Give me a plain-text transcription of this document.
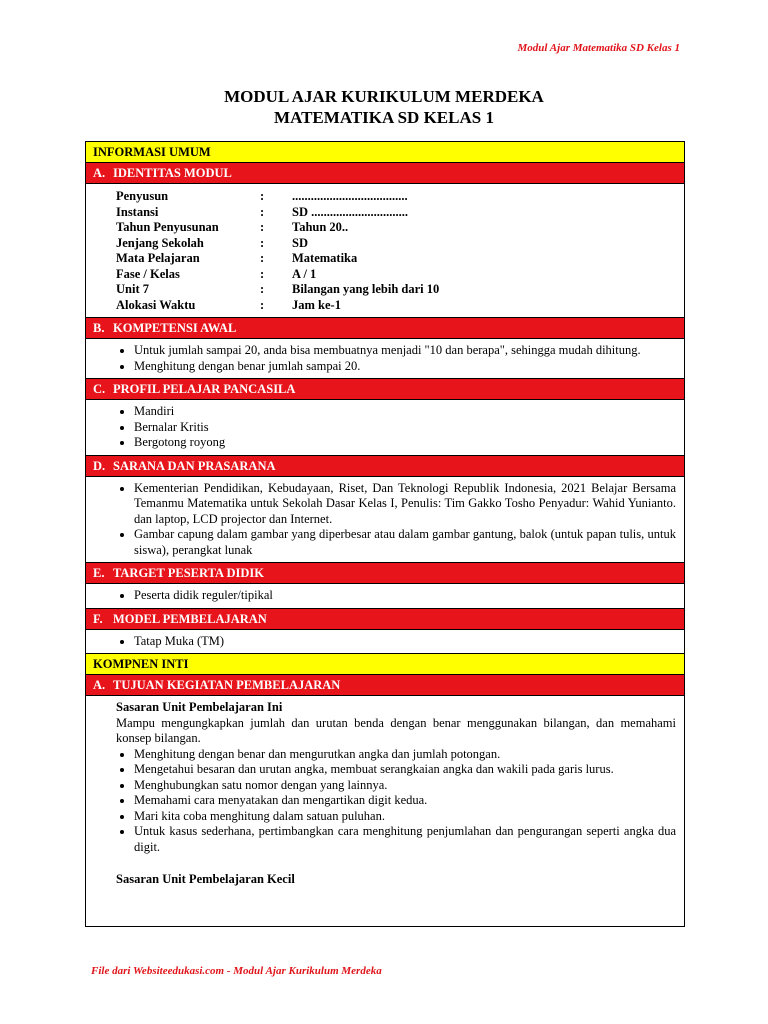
Modul Ajar Matematika SD Kelas 1
MODUL AJAR KURIKULUM MERDEKA
MATEMATIKA SD KELAS 1
INFORMASI UMUM
A. IDENTITAS MODUL
Penyusun	:	.....................................
Instansi	:	SD ...............................
Tahun Penyusunan	:	Tahun 20..
Jenjang Sekolah	:	SD
Mata Pelajaran	:	Matematika
Fase / Kelas	:	A / 1
Unit 7	:	Bilangan yang lebih dari 10
Alokasi Waktu	:	Jam ke-1
B. KOMPETENSI AWAL
• Untuk jumlah sampai 20, anda bisa membuatnya menjadi "10 dan berapa", sehingga mudah dihitung.
• Menghitung dengan benar jumlah sampai 20.
C. PROFIL PELAJAR PANCASILA
• Mandiri
• Bernalar Kritis
• Bergotong royong
D. SARANA DAN PRASARANA
• Kementerian Pendidikan, Kebudayaan, Riset, Dan Teknologi Republik Indonesia, 2021 Belajar Bersama Temanmu Matematika untuk Sekolah Dasar Kelas I, Penulis: Tim Gakko Tosho Penyadur: Wahid Yunianto. dan laptop, LCD projector dan Internet.
• Gambar capung dalam gambar yang diperbesar atau dalam gambar gantung, balok (untuk papan tulis, untuk siswa), perangkat lunak
E. TARGET PESERTA DIDIK
• Peserta didik reguler/tipikal
F. MODEL PEMBELAJARAN
• Tatap Muka (TM)
KOMPNEN INTI
A. TUJUAN KEGIATAN PEMBELAJARAN
Sasaran Unit Pembelajaran Ini

Mampu mengungkapkan jumlah dan urutan benda dengan benar menggunakan bilangan, dan memahami konsep bilangan.

• Menghitung dengan benar dan mengurutkan angka dan jumlah potongan.
• Mengetahui besaran dan urutan angka, membuat serangkaian angka dan wakili pada garis lurus.
• Menghubungkan satu nomor dengan yang lainnya.
• Memahami cara menyatakan dan mengartikan digit kedua.
• Mari kita coba menghitung dalam satuan puluhan.
• Untuk kasus sederhana, pertimbangkan cara menghitung penjumlahan dan pengurangan seperti angka dua digit.
Sasaran Unit Pembelajaran Kecil
File dari Websiteedukasi.com - Modul Ajar Kurikulum Merdeka
